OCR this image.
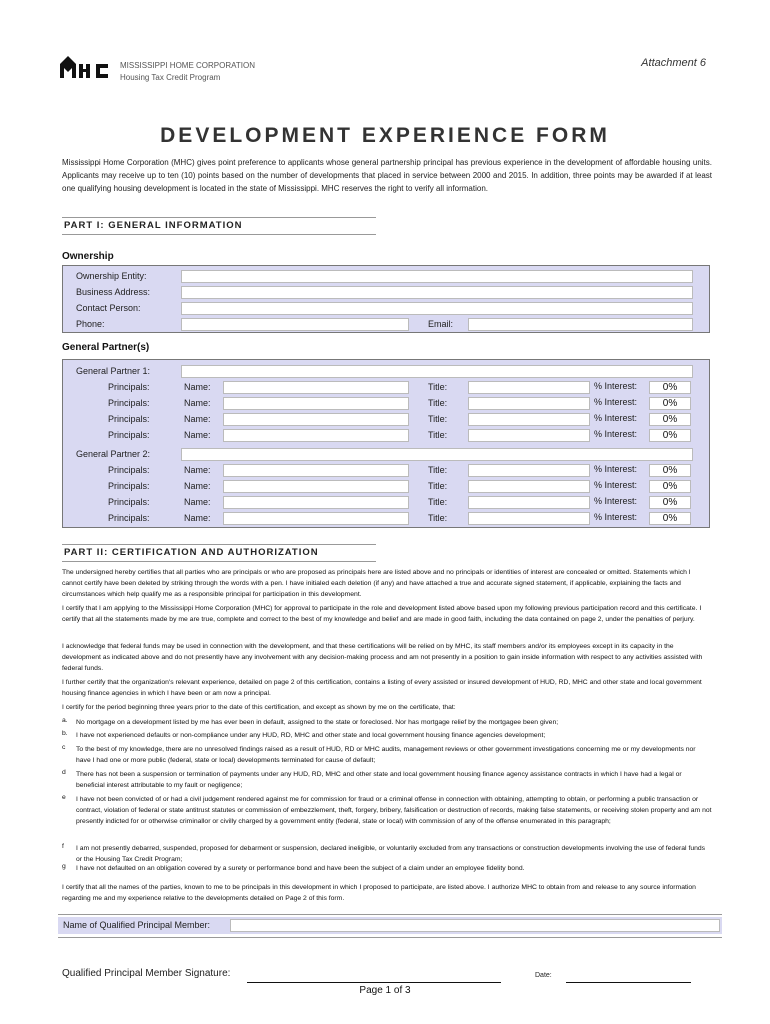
MISSISSIPPI HOME CORPORATION
Housing Tax Credit Program
Attachment 6
DEVELOPMENT EXPERIENCE FORM
Mississippi Home Corporation (MHC) gives point preference to applicants whose general partnership principal has previous experience in the development of affordable housing units. Applicants may receive up to ten (10) points based on the number of developments that placed in service between 2000 and 2015. In addition, three points may be awarded if at least one qualifying housing development is located in the state of Mississippi. MHC reserves the right to verify all information.
PART I: GENERAL INFORMATION
Ownership
Ownership Entity:
Business Address:
Contact Person:
Phone:	Email:
General Partner(s)
General Partner 1:
Principals:	Name:	Title:	% Interest:	0%
Principals:	Name:	Title:	% Interest:	0%
Principals:	Name:	Title:	% Interest:	0%
Principals:	Name:	Title:	% Interest:	0%
General Partner 2:
Principals:	Name:	Title:	% Interest:	0%
Principals:	Name:	Title:	% Interest:	0%
Principals:	Name:	Title:	% Interest:	0%
Principals:	Name:	Title:	% Interest:	0%
PART II: CERTIFICATION AND AUTHORIZATION
The undersigned hereby certifies that all parties who are principals or who are proposed as principals here are listed above and no principals or identities of interest are concealed or omitted. Statements which I cannot certify have been deleted by striking through the words with a pen. I have initialed each deletion (if any) and have attached a true and accurate signed statement, if applicable, explaining the facts and circumstances which help qualify me as a responsible principal for participation in this development.
I certify that I am applying to the Mississippi Home Corporation (MHC) for approval to participate in the role and development listed above based upon my following previous participation record and this certificate. I certify that all the statements made by me are true, complete and correct to the best of my knowledge and belief and are made in good faith, including the data contained on page 2, under the penalties of perjury.
I acknowledge that federal funds may be used in connection with the development, and that these certifications will be relied on by MHC, its staff members and/or its employees except in its capacity in the development as indicated above and do not presently have any involvement with any decision-making process and am not presently in a position to gain inside information with respect to any activities assisted with federal funds.
I further certify that the organization's relevant experience, detailed on page 2 of this certification, contains a listing of every assisted or insured development of HUD, RD, MHC and other state and local government housing finance agencies in which I have been or am now a principal.
I certify for the period beginning three years prior to the date of this certification, and except as shown by me on the certificate, that:
a. No mortgage on a development listed by me has ever been in default, assigned to the state or foreclosed. Nor has mortgage relief by the mortgagee been given;
b. I have not experienced defaults or non-compliance under any HUD, RD, MHC and other state and local government housing finance agencies development;
c To the best of my knowledge, there are no unresolved findings raised as a result of HUD, RD or MHC audits, management reviews or other government investigations concerning me or my developments nor have I had one or more public (federal, state or local) developments terminated for cause of default;
d There has not been a suspension or termination of payments under any HUD, RD, MHC and other state and local government housing finance agency assistance contracts in which I have had a legal or beneficial interest attributable to my fault or negligence;
e I have not been convicted of or had a civil judgement rendered against me for commission for fraud or a criminal offense in connection with obtaining, attempting to obtain, or performing a public transaction or contract, violation of federal or state antitrust statutes or commission of embezzlement, theft, forgery, bribery, falsification or destruction of records, making false statements, or receiving stolen property and am not presently indicted for or otherwise criminallor or civilly charged by a government entity (federal, state or local) with commission of any of the offense enumerated in this paragraph;
f I am not presently debarred, suspended, proposed for debarment or suspension, declared ineligible, or voluntarily excluded from any transactions or construction developments involving the use of federal funds or the Housing Tax Credit Program;
g I have not defaulted on an obligation covered by a surety or performance bond and have been the subject of a claim under an employee fidelity bond.
I certify that all the names of the parties, known to me to be principals in this development in which I proposed to participate, are listed above. I authorize MHC to obtain from and release to any source information regarding me and my experience relative to the developments detailed on Page 2 of this form.
Name of Qualified Principal Member:
Qualified Principal Member Signature:	Date:
Page 1 of 3
